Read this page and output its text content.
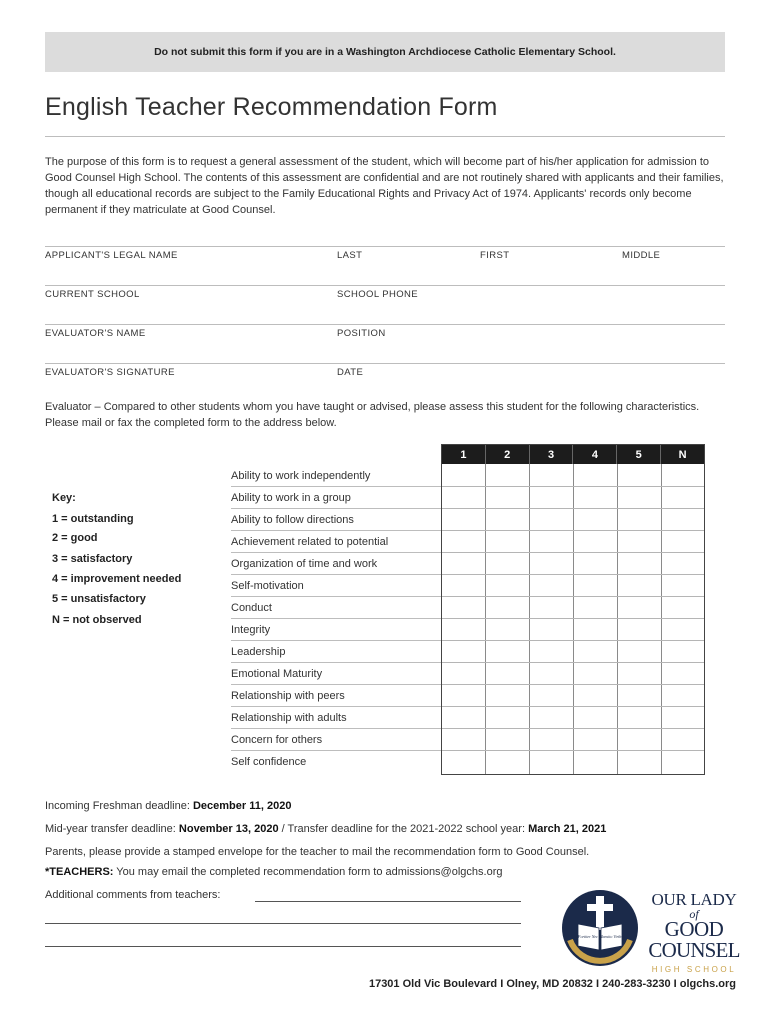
Do not submit this form if you are in a Washington Archdiocese Catholic Elementary School.
English Teacher Recommendation Form

The purpose of this form is to request a general assessment of the student, which will become part of his/her application for admission to Good Counsel High School. The contents of this assessment are confidential and are not routinely shared with applicants and their families, though all educational records are subject to the Family Educational Rights and Privacy Act of 1974. Applicants' records only become permanent if they matriculate at Good Counsel.

APPLICANT'S LEGAL NAME	LAST	FIRST	MIDDLE
CURRENT SCHOOL	SCHOOL PHONE
EVALUATOR'S NAME	POSITION
EVALUATOR'S SIGNATURE	DATE

Evaluator – Compared to other students whom you have taught or advised, please assess this student for the following characteristics. Please mail or fax the completed form to the address below.

1	2	3	4	5	N
Ability to work independently
Ability to work in a group
Ability to follow directions
Achievement related to potential
Organization of time and work
Self-motivation
Conduct
Integrity
Leadership
Emotional Maturity
Relationship with peers
Relationship with adults
Concern for others
Self confidence
Key:
1 = outstanding
2 = good
3 = satisfactory
4 = improvement needed
5 = unsatisfactory
N = not observed
Incoming Freshman deadline: December 11, 2020
Mid-year transfer deadline: November 13, 2020 / Transfer deadline for the 2021-2022 school year: March 21, 2021
Parents, please provide a stamped envelope for the teacher to mail the recommendation form to Good Counsel.
*TEACHERS: You may email the completed recommendation form to admissions@olgchs.org
Additional comments from teachers:
Fortiter Nec Mansito Viribus
OUR LADY
of
GOOD
COUNSEL
HIGH SCHOOL
17301 Old Vic Boulevard I Olney, MD 20832 I 240-283-3230 I olgchs.org
